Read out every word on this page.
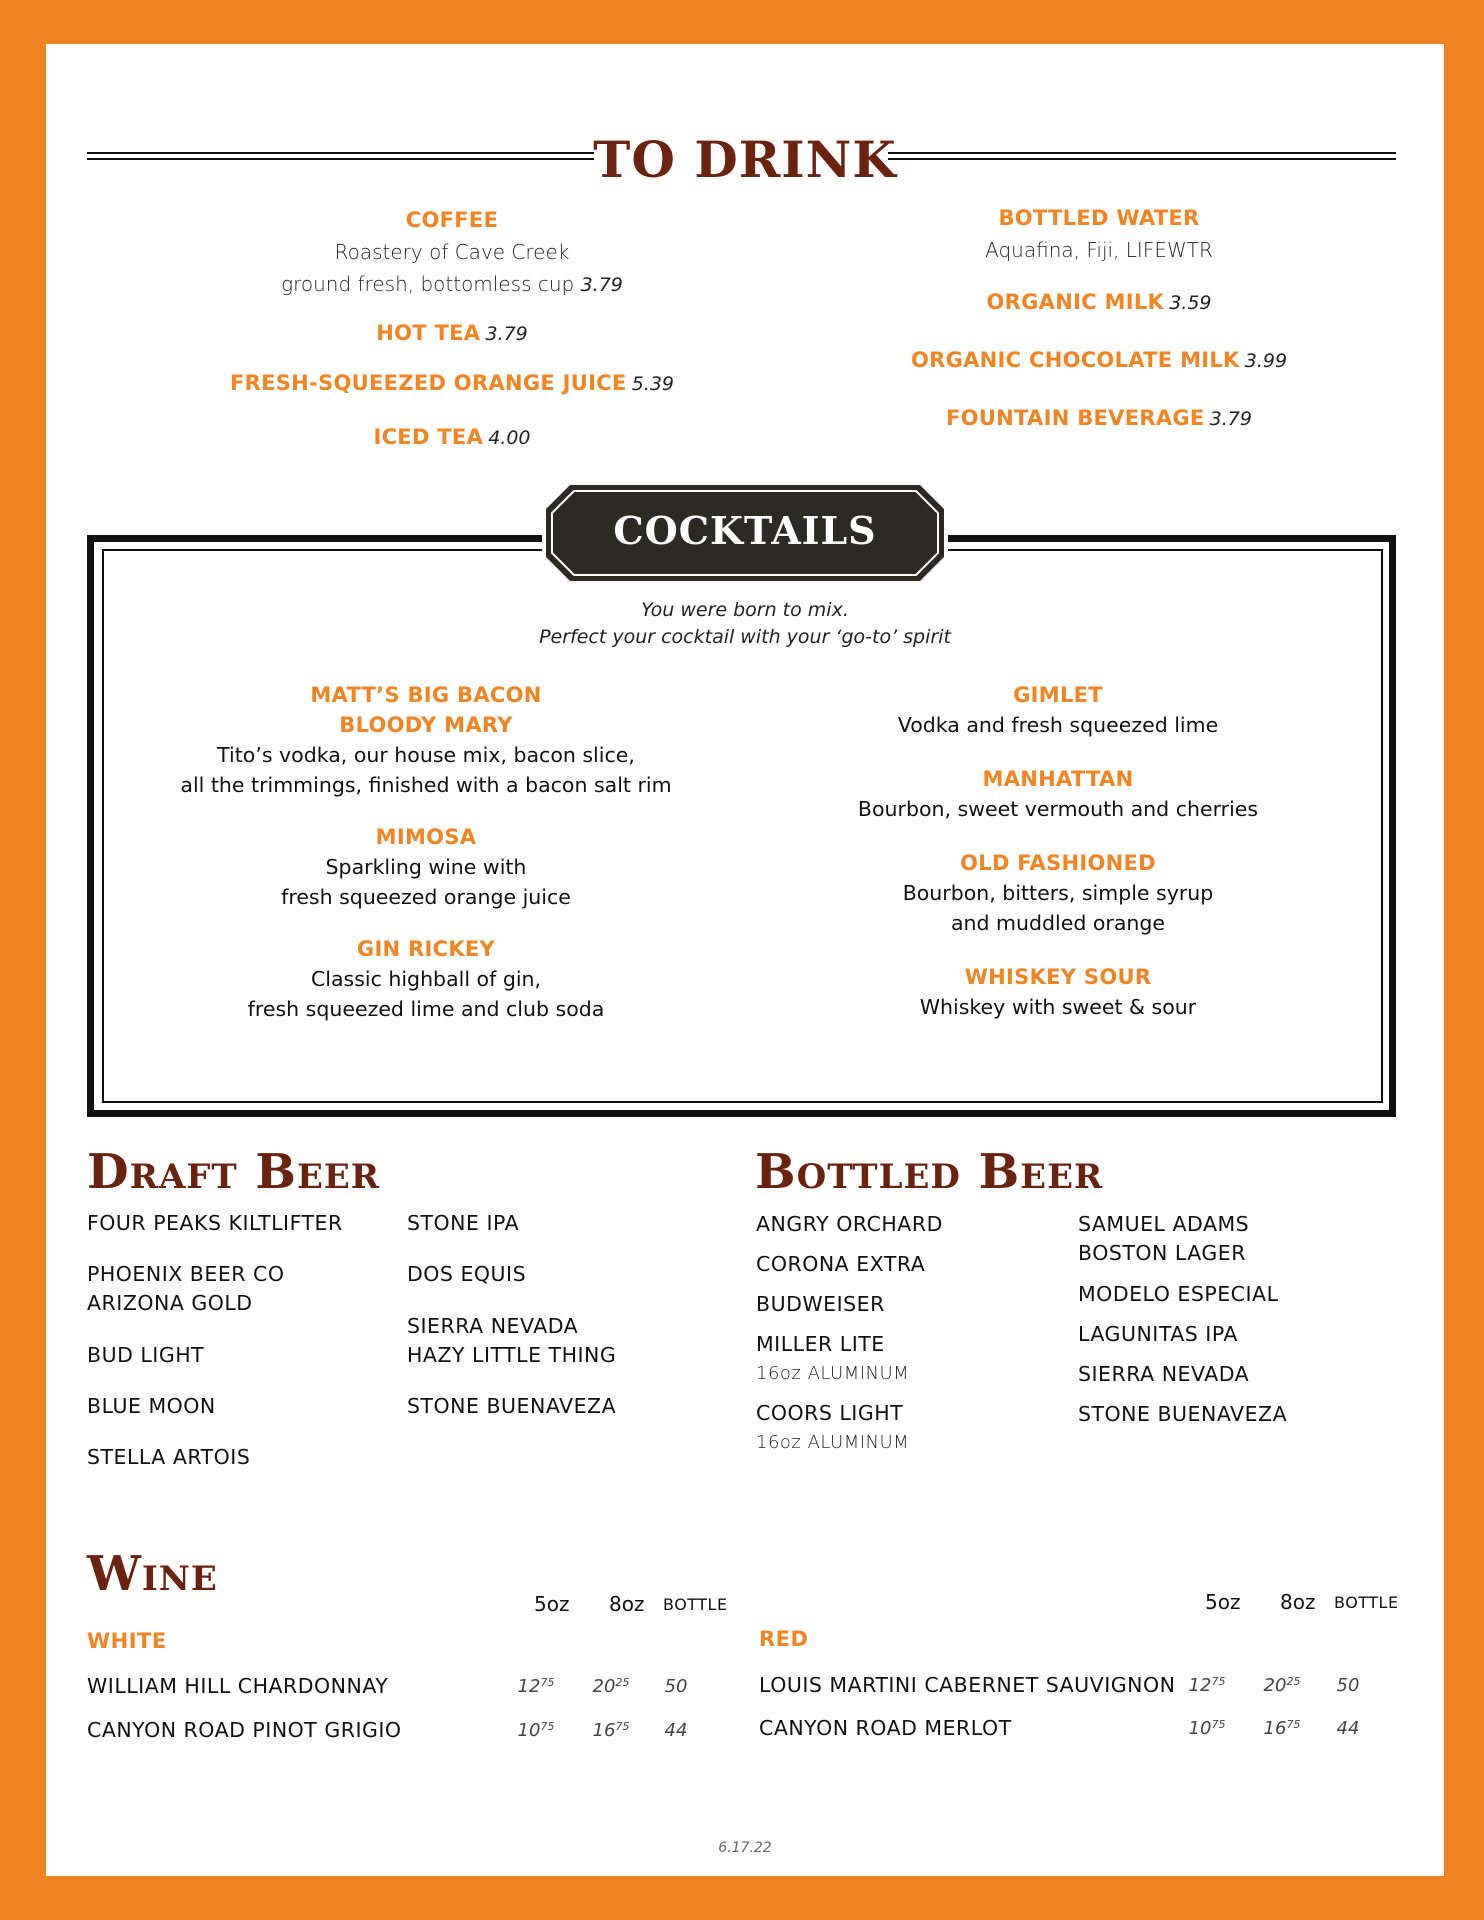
TO DRINK
COFFEE
Roastery of Cave Creek
ground fresh, bottomless cup 3.79
HOT TEA 3.79
FRESH-SQUEEZED ORANGE JUICE 5.39
ICED TEA 4.00
BOTTLED WATER
Aquafina, Fiji, LIFEWTR
ORGANIC MILK 3.59
ORGANIC CHOCOLATE MILK 3.99
FOUNTAIN BEVERAGE 3.79
COCKTAILS
You were born to mix.
Perfect your cocktail with your ‘go-to’ spirit
MATT’S BIG BACON
BLOODY MARY
Tito’s vodka, our house mix, bacon slice,
all the trimmings, finished with a bacon salt rim
MIMOSA
Sparkling wine with
fresh squeezed orange juice
GIN RICKEY
Classic highball of gin,
fresh squeezed lime and club soda
GIMLET
Vodka and fresh squeezed lime
MANHATTAN
Bourbon, sweet vermouth and cherries
OLD FASHIONED
Bourbon, bitters, simple syrup
and muddled orange
WHISKEY SOUR
Whiskey with sweet & sour
Draft Beer
FOUR PEAKS KILTLIFTER
PHOENIX BEER CO
ARIZONA GOLD
BUD LIGHT
BLUE MOON
STELLA ARTOIS
STONE IPA
DOS EQUIS
SIERRA NEVADA
HAZY LITTLE THING
STONE BUENAVEZA
Bottled Beer
ANGRY ORCHARD
CORONA EXTRA
BUDWEISER
MILLER LITE
16oz ALUMINUM
COORS LIGHT
16oz ALUMINUM
SAMUEL ADAMS
BOSTON LAGER
MODELO ESPECIAL
LAGUNITAS IPA
SIERRA NEVADA
STONE BUENAVEZA
Wine
5oz 8oz BOTTLE
WHITE
WILLIAM HILL CHARDONNAY	$12^{75}$	$20^{25}$	50
CANYON ROAD PINOT GRIGIO	$10^{75}$	$16^{75}$	44
5oz 8oz BOTTLE
RED
LOUIS MARTINI CABERNET SAUVIGNON $12^{75}$	$20^{25}$	50
CANYON ROAD MERLOT	$10^{75}$	$16^{75}$	44
6.17.22
